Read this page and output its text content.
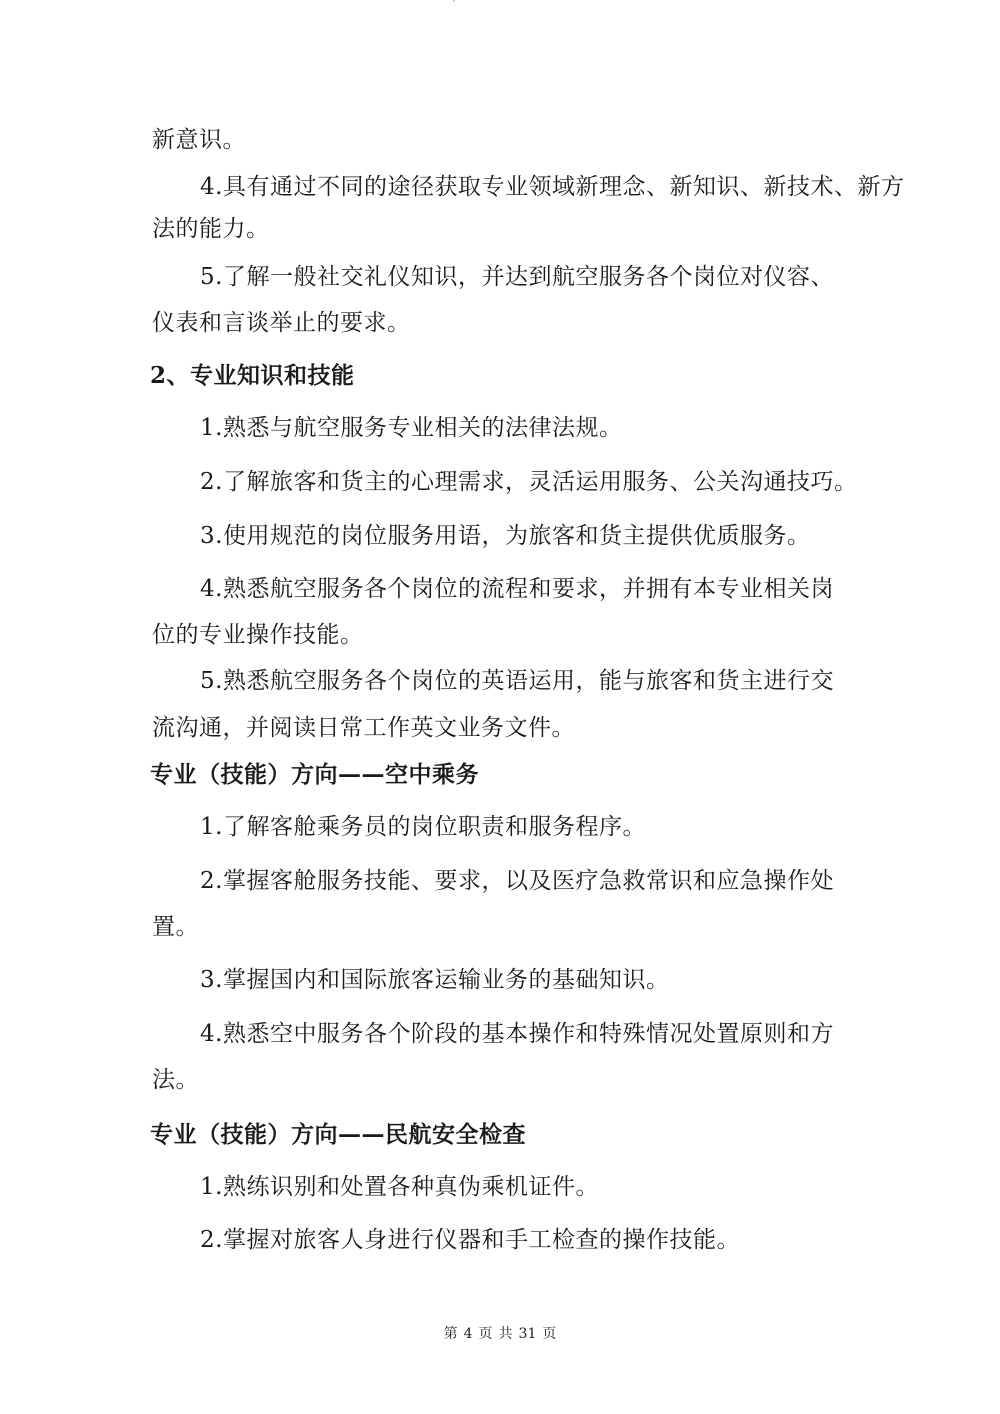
新意识。
4.具有通过不同的途径获取专业领域新理念、新知识、新技术、新方
法的能力。
5.了解一般社交礼仪知识，并达到航空服务各个岗位对仪容、
仪表和言谈举止的要求。
2、专业知识和技能
1.熟悉与航空服务专业相关的法律法规。
2.了解旅客和货主的心理需求，灵活运用服务、公关沟通技巧。
3.使用规范的岗位服务用语，为旅客和货主提供优质服务。
4.熟悉航空服务各个岗位的流程和要求，并拥有本专业相关岗
位的专业操作技能。
5.熟悉航空服务各个岗位的英语运用，能与旅客和货主进行交
流沟通，并阅读日常工作英文业务文件。
专业（技能）方向——空中乘务
1.了解客舱乘务员的岗位职责和服务程序。
2.掌握客舱服务技能、要求，以及医疗急救常识和应急操作处
置。
3.掌握国内和国际旅客运输业务的基础知识。
4.熟悉空中服务各个阶段的基本操作和特殊情况处置原则和方
法。
专业（技能）方向——民航安全检查
1.熟练识别和处置各种真伪乘机证件。
2.掌握对旅客人身进行仪器和手工检查的操作技能。
第 4 页 共 31 页
